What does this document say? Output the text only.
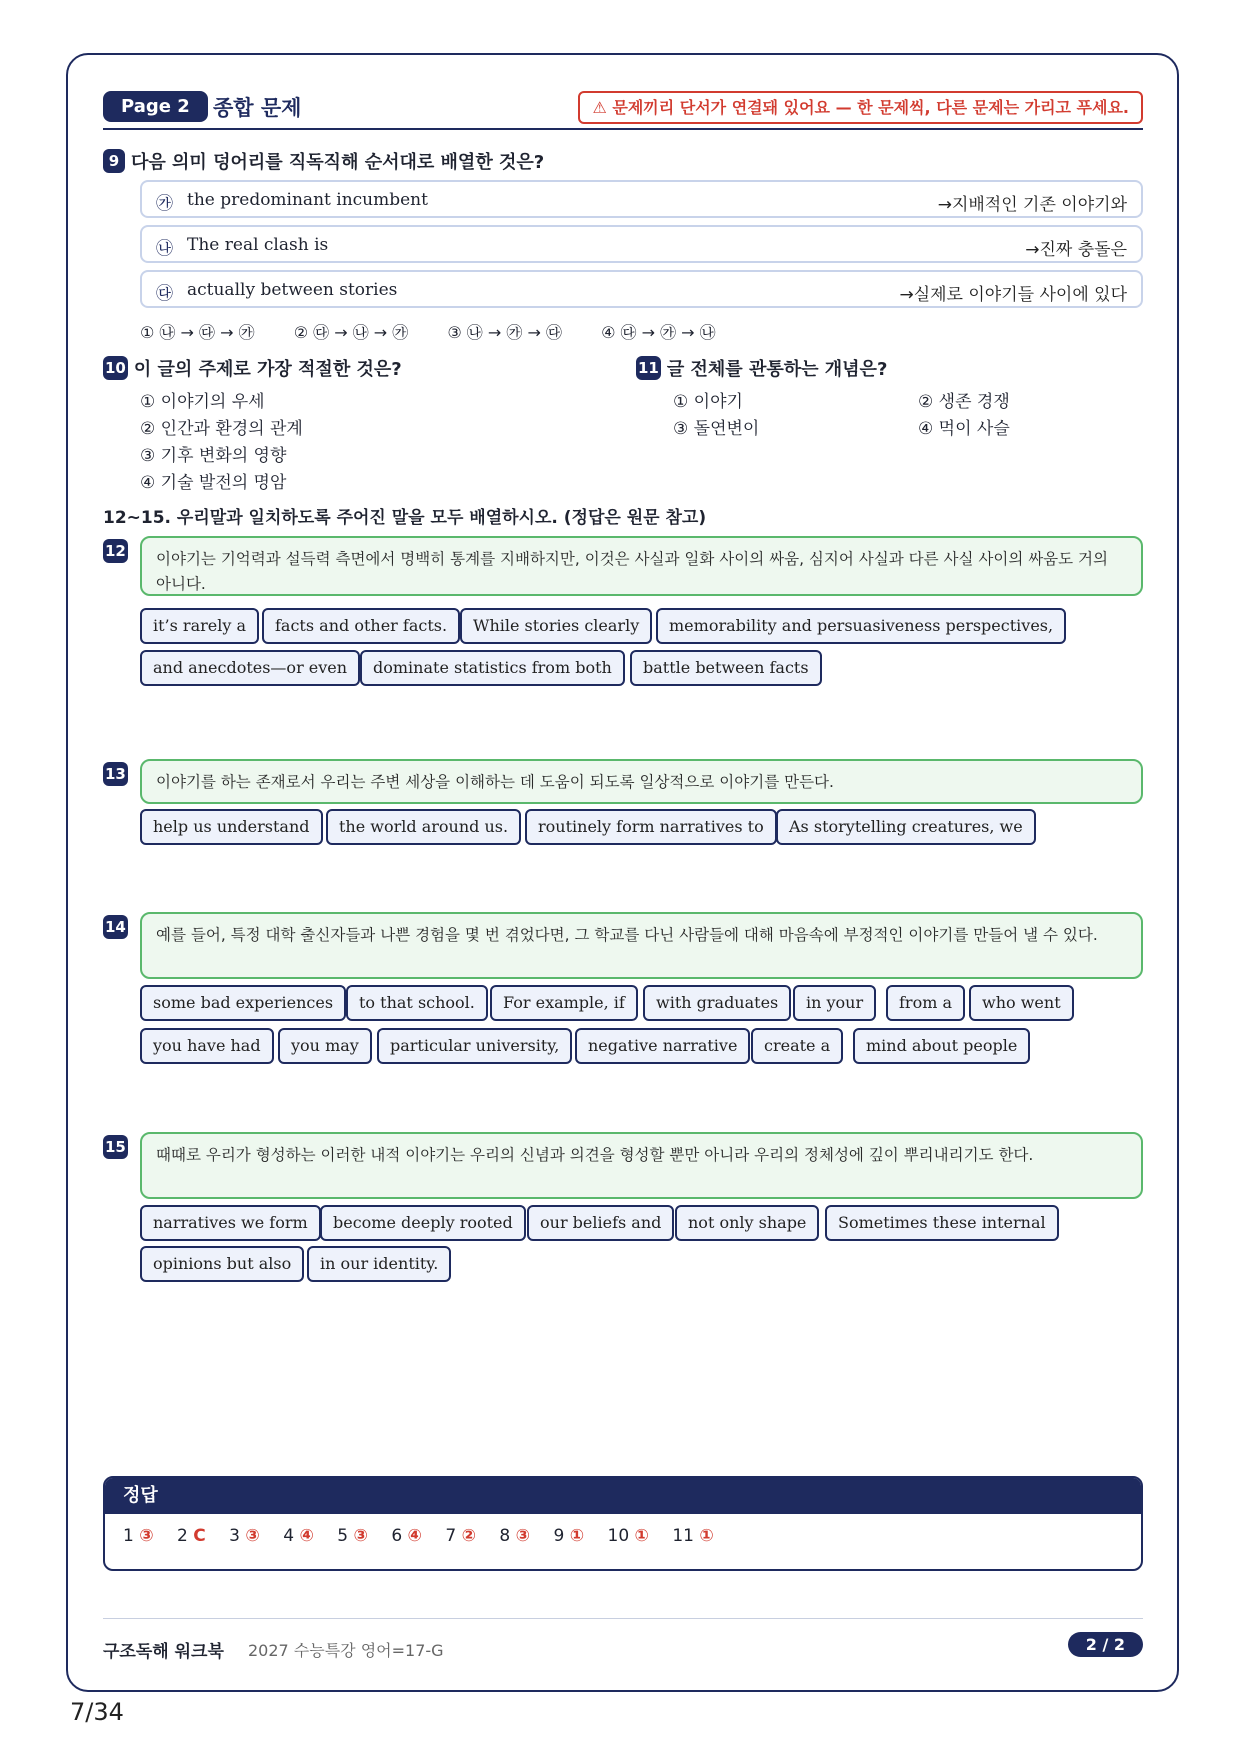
Page 2	종합 문제	⚠ 문제끼리 단서가 연결돼 있어요 — 한 문제씩, 다른 문제는 가리고 푸세요.
9 다음 의미 덩어리를 직독직해 순서대로 배열한 것은?
㉮ the predominant incumbent	→지배적인 기존 이야기와
㉯ The real clash is	→진짜 충돌은
㉰ actually between stories	→실제로 이야기들 사이에 있다
① ㉯ → ㉰ → ㉮ ② ㉰ → ㉯ → ㉮ ③ ㉯ → ㉮ → ㉰ ④ ㉰ → ㉮ → ㉯
10 이 글의 주제로 가장 적절한 것은?
① 이야기의 우세
② 인간과 환경의 관계
③ 기후 변화의 영향
④ 기술 발전의 명암
11 글 전체를 관통하는 개념은?
① 이야기	② 생존 경쟁
③ 돌연변이	④ 먹이 사슬
12~15. 우리말과 일치하도록 주어진 말을 모두 배열하시오. (정답은 원문 참고)
12	이야기는 기억력과 설득력 측면에서 명백히 통계를 지배하지만, 이것은 사실과 일화 사이의 싸움, 심지어 사실과 다른 사실 사이의 싸움도 거의 아니다.
it’s rarely a	facts and other facts.	While stories clearly	memorability and persuasiveness perspectives,
and anecdotes—or even	dominate statistics from both	battle between facts
13	이야기를 하는 존재로서 우리는 주변 세상을 이해하는 데 도움이 되도록 일상적으로 이야기를 만든다.
help us understand	the world around us.	routinely form narratives to	As storytelling creatures, we
14	예를 들어, 특정 대학 출신자들과 나쁜 경험을 몇 번 겪었다면, 그 학교를 다닌 사람들에 대해 마음속에 부정적인 이야기를 만들어 낼 수 있다.
some bad experiences	to that school.	For example, if	with graduates	in your	from a	who went
you have had	you may	particular university,	negative narrative	create a	mind about people
15	때때로 우리가 형성하는 이러한 내적 이야기는 우리의 신념과 의견을 형성할 뿐만 아니라 우리의 정체성에 깊이 뿌리내리기도 한다.
narratives we form	become deeply rooted	our beliefs and	not only shape	Sometimes these internal
opinions but also	in our identity.
정답
1 ③ 2 C 3 ③ 4 ④ 5 ③ 6 ④ 7 ② 8 ③ 9 ① 10 ① 11 ①
구조독해 워크북 2027 수능특강 영어=17-G	2 / 2
7/34
